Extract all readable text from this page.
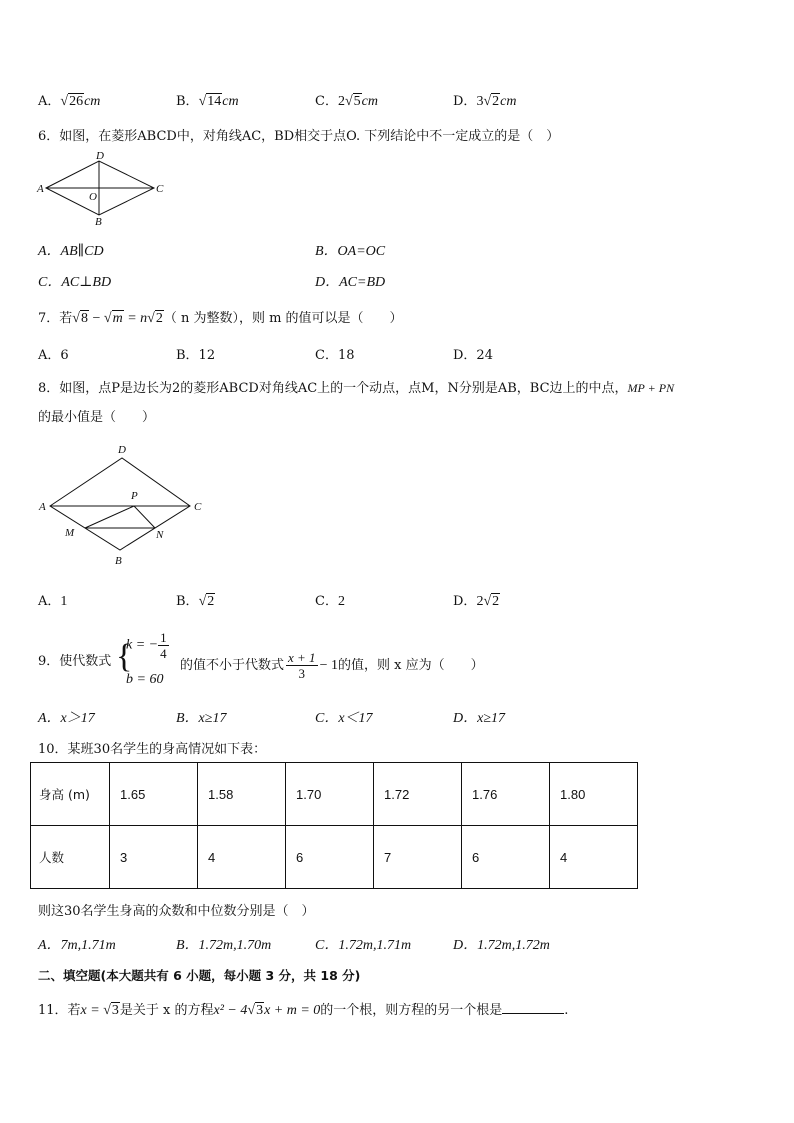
A．√26cm	B．√14cm	C．2√5cm	D．3√2cm
6．如图，在菱形ABCD中，对角线AC，BD相交于点O. 下列结论中不一定成立的是（　）
D
A	C
B
O
A．AB∥CD	B．OA=OC
C．AC⊥BD	D．AC=BD
7．若√8 − √m = n√2（ n 为整数），则 m 的值可以是（　　）
A．6	B．12	C．18	D．24
8．如图，点P是边长为2的菱形ABCD对角线AC上的一个动点，点M，N分别是AB，BC边上的中点，MP + PN
的最小值是（　　）
D
A	C
P
M	N
B
A．1	B．√2	C．2	D．2√2
9．使代数式 {
k = − $\frac{1}{4}$
b = 60
的值不小于代数式 $\frac{x + 1}{3} - 1$的值，则 x 应为（　　）
A．x＞17	B．x≥17	C．x＜17	D．x≥17
10．某班30名学生的身高情况如下表：
身高 (m)	1.65	1.58	1.70	1.72	1.76	1.80
人数	3	4	6	7	6	4
则这30名学生身高的众数和中位数分别是（　）
A．7m,1.71m	B．1.72m,1.70m	C．1.72m,1.71m	D．1.72m,1.72m
二、填空题(本大题共有 6 小题，每小题 3 分，共 18 分)
11．若x = √3是关于 x 的方程x² − 4√3x + m = 0的一个根，则方程的另一个根是	.
